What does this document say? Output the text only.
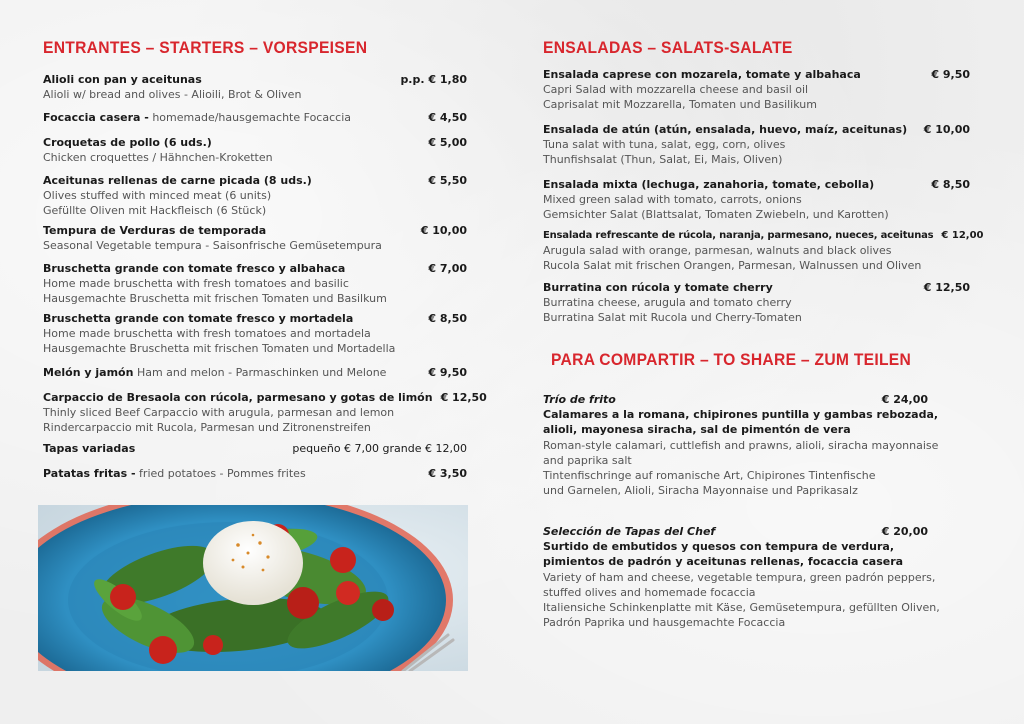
ENTRANTES – STARTERS – VORSPEISEN
Alioli con pan y aceitunas	p.p. € 1,80
Alioli w/ bread and olives - Alioili, Brot & Oliven
Focaccia casera - homemade/hausgemachte Focaccia	€ 4,50
Croquetas de pollo (6 uds.)	€ 5,00
Chicken croquettes / Hähnchen-Kroketten
Aceitunas rellenas de carne picada (8 uds.)	€ 5,50
Olives stuffed with minced meat (6 units)
Gefüllte Oliven mit Hackfleisch (6 Stück)
Tempura de Verduras de temporada	€ 10,00
Seasonal Vegetable tempura - Saisonfrische Gemüsetempura
Bruschetta grande con tomate fresco y albahaca	€ 7,00
Home made bruschetta with fresh tomatoes and basilic
Hausgemachte Bruschetta mit frischen Tomaten und Basilkum
Bruschetta grande con tomate fresco y mortadela	€ 8,50
Home made bruschetta with fresh tomatoes and mortadela
Hausgemachte Bruschetta mit frischen Tomaten und Mortadella
Melón y jamón Ham and melon - Parmaschinken und Melone	€ 9,50
Carpaccio de Bresaola con rúcola, parmesano y gotas de limón € 12,50
Thinly sliced Beef Carpaccio with arugula, parmesan and lemon
Rindercarpaccio mit Rucola, Parmesan und Zitronenstreifen
Tapas variadas	pequeño € 7,00 grande € 12,00
Patatas fritas - fried potatoes - Pommes frites	€ 3,50
ENSALADAS – SALATS-SALATE
Ensalada caprese con mozarela, tomate y albahaca	€ 9,50
Capri Salad with mozzarella cheese and basil oil
Caprisalat mit Mozzarella, Tomaten und Basilikum
Ensalada de atún (atún, ensalada, huevo, maíz, aceitunas)	€ 10,00
Tuna salat with tuna, salat, egg, corn, olives
Thunfishsalat (Thun, Salat, Ei, Mais, Oliven)
Ensalada mixta (lechuga, zanahoria, tomate, cebolla)	€ 8,50
Mixed green salad with tomato, carrots, onions
Gemsichter Salat (Blattsalat, Tomaten Zwiebeln, und Karotten)
Ensalada refrescante de rúcola, naranja, parmesano, nueces, aceitunas € 12,00
Arugula salad with orange, parmesan, walnuts and black olives
Rucola Salat mit frischen Orangen, Parmesan, Walnussen und Oliven
Burratina con rúcola y tomate cherry	€ 12,50
Burratina cheese, arugula and tomato cherry
Burratina Salat mit Rucola und Cherry-Tomaten
PARA COMPARTIR – TO SHARE – ZUM TEILEN
Trío de frito	€ 24,00
Calamares a la romana, chipirones puntilla y gambas rebozada,
alioli, mayonesa siracha, sal de pimentón de vera
Roman-style calamari, cuttlefish and prawns, alioli, siracha mayonnaise
and paprika salt
Tintenfischringe auf romanische Art, Chipirones Tintenfische
und Garnelen, Alioli, Siracha Mayonnaise und Paprikasalz
Selección de Tapas del Chef	€ 20,00
Surtido de embutidos y quesos con tempura de verdura,
pimientos de padrón y aceitunas rellenas, focaccia casera
Variety of ham and cheese, vegetable tempura, green padrón peppers,
stuffed olives and homemade focaccia
Italiensiche Schinkenplatte mit Käse, Gemüsetempura, gefüllten Oliven,
Padrón Paprika und hausgemachte Focaccia
